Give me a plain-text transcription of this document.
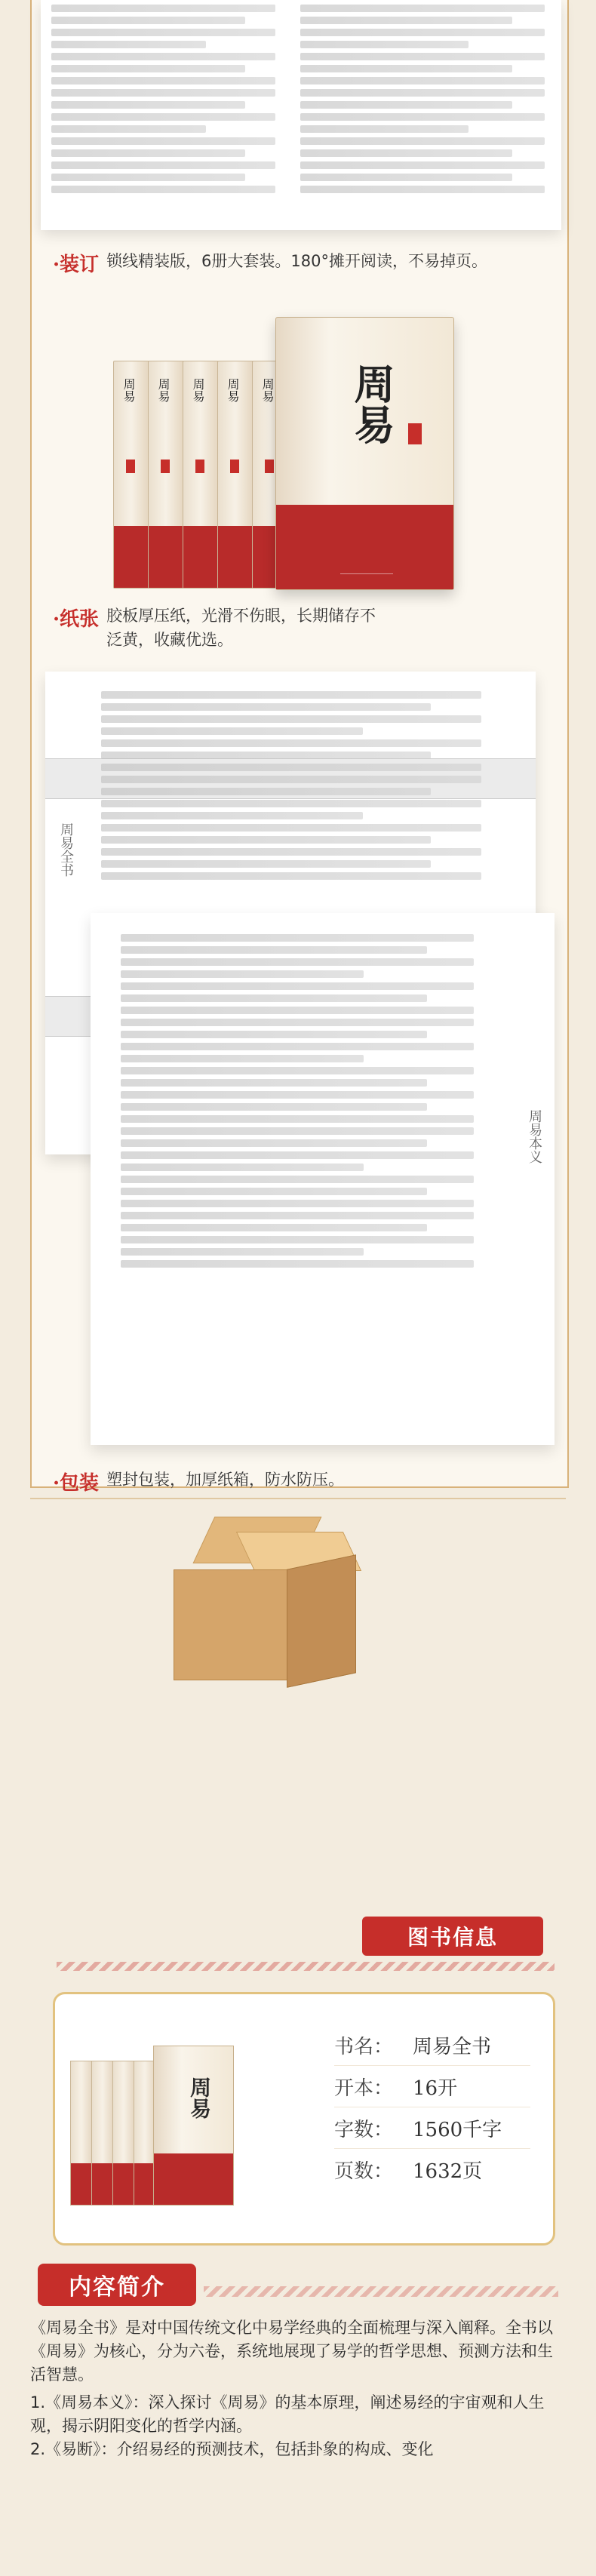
·装订 锁线精装版，6册大套装。180°摊开阅读，不易掉页。
周易 周易 周易 周易 周易 周易
·纸张 胶板厚压纸，光滑不伤眼，长期储存不泛黄，收藏优选。
周易全书
周易本义
·包装 塑封包装，加厚纸箱，防水防压。
图书信息
周易
书名： 周易全书
开本： 16开
字数： 1560千字
页数： 1632页
内容简介

《周易全书》是对中国传统文化中易学经典的全面梳理与深入阐释。全书以《周易》为核心，分为六卷，系统地展现了易学的哲学思想、预测方法和生活智慧。

1.《周易本义》：深入探讨《周易》的基本原理，阐述易经的宇宙观和人生观，揭示阴阳变化的哲学内涵。
2.《易断》：介绍易经的预测技术，包括卦象的构成、变化
